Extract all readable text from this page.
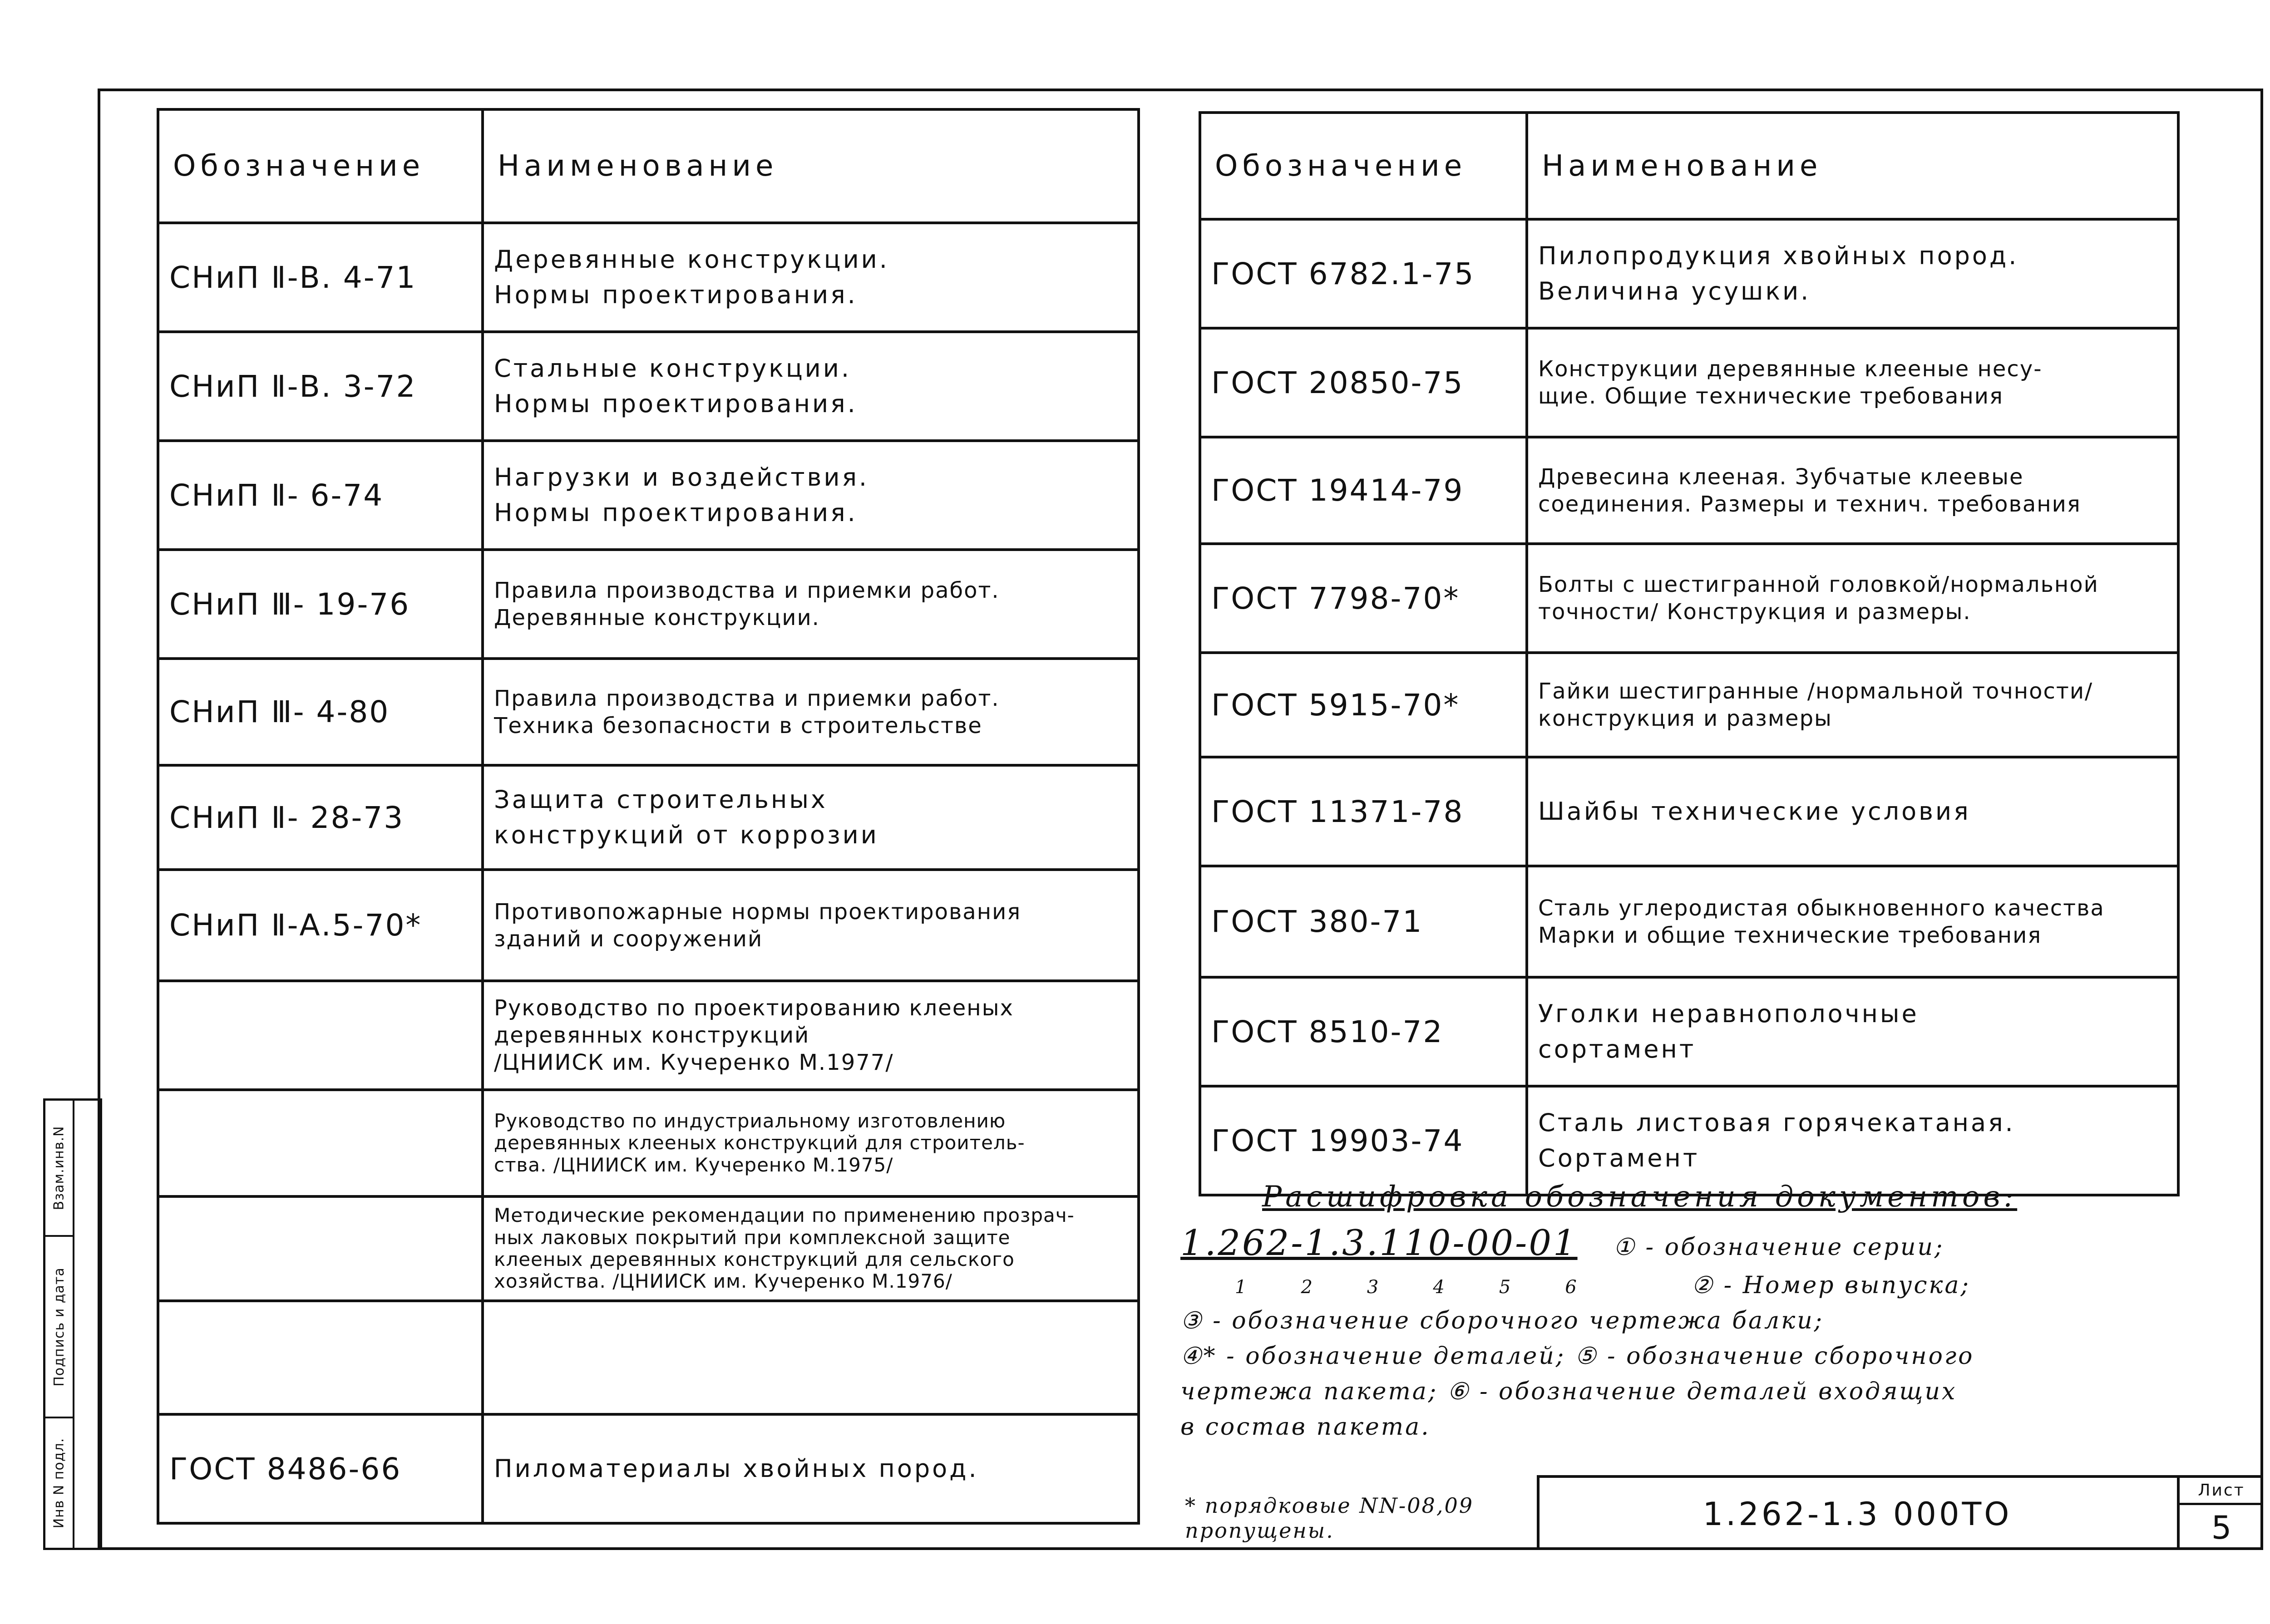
Взам.инв.N
Подпись и дата
Инв N подл.
Обозначение	Наименование
СНиП Ⅱ-В. 4-71	Деревянные конструкции.
Нормы проектирования.

СНиП Ⅱ-В. 3-72	Стальные конструкции.
Нормы проектирования.

СНиП Ⅱ- 6-74	Нагрузки и воздействия.
Нормы проектирования.

СНиП Ⅲ- 19-76	Правила производства и приемки работ.
Деревянные конструкции.

СНиП Ⅲ- 4-80	Правила производства и приемки работ.
Техника безопасности в строительстве

СНиП Ⅱ- 28-73	Защита строительных
конструкций от коррозии

СНиП Ⅱ-А.5-70*	Противопожарные нормы проектирования
зданий и сооружений

	Руководство по проектированию клееных
деревянных конструкций
/ЦНИИСК им. Кучеренко М.1977/

	Руководство по индустриальному изготовлению
деревянных клееных конструкций для строитель-
ства. /ЦНИИСК им. Кучеренко М.1975/

	Методические рекомендации по применению прозрач-
ных лаковых покрытий при комплексной защите
клееных деревянных конструкций для сельского
хозяйства. /ЦНИИСК им. Кучеренко М.1976/

ГОСТ 8486-66	Пиломатериалы хвойных пород.
Обозначение	Наименование
ГОСТ 6782.1-75	Пилопродукция хвойных пород.
Величина усушки.

ГОСТ 20850-75	Конструкции деревянные клееные несу-
щие. Общие технические требования

ГОСТ 19414-79	Древесина клееная. Зубчатые клеевые
соединения. Размеры и технич. требования

ГОСТ 7798-70*	Болты с шестигранной головкой/нормальной
точности/ Конструкция и размеры.

ГОСТ 5915-70*	Гайки шестигранные /нормальной точности/
конструкция и размеры

ГОСТ 11371-78	Шайбы технические условия

ГОСТ 380-71	Сталь углеродистая обыкновенного качества
Марки и общие технические требования

ГОСТ 8510-72	Уголки неравнополочные
сортамент

ГОСТ 19903-74	Сталь листовая горячекатаная.
Сортамент
Расшифровка обозначения документов:
1.262-1.3.110-00-01 ① - обозначение серии;
123456	② - Номер выпуска;
③ - обозначение сборочного чертежа балки;
④* - обозначение деталей; ⑤ - обозначение сборочного
чертежа пакета; ⑥ - обозначение деталей входящих
в состав пакета.
* порядковые NN-08,09
пропущены.	1.262-1.3 000ТО
Лист
5
